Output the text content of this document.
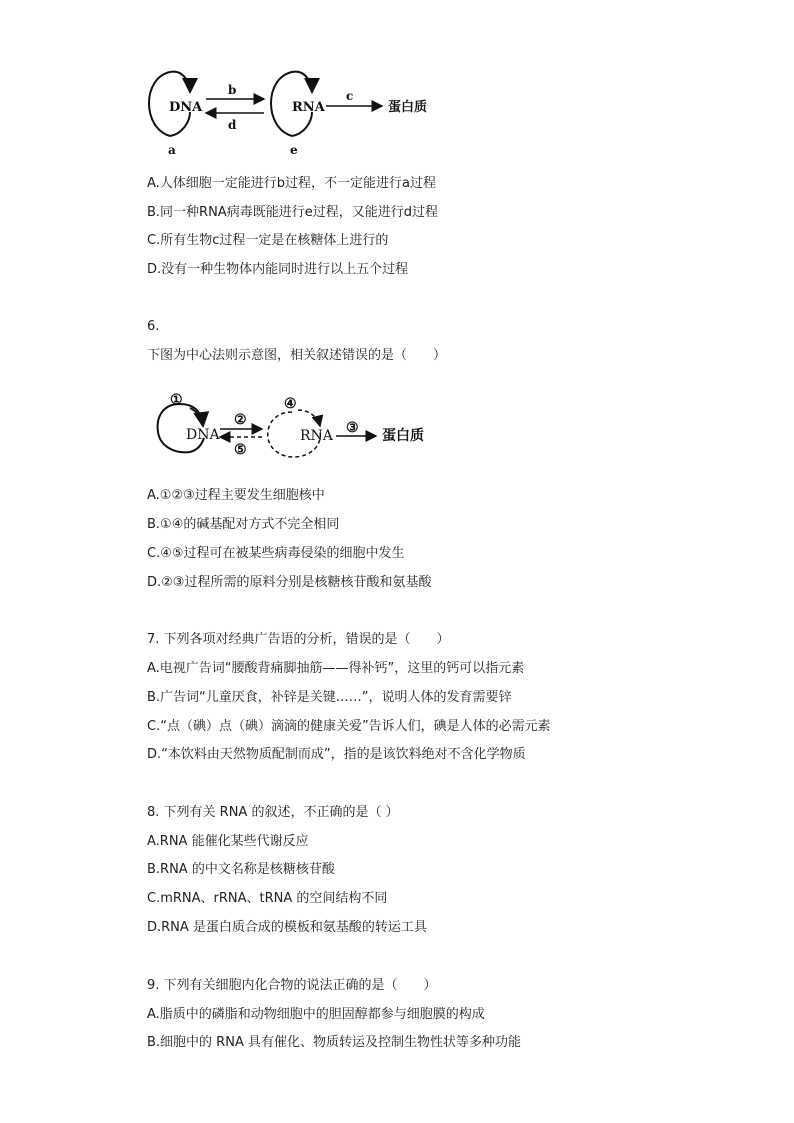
DNA
b
d
RNA
c
蛋白质
a	e
A.人体细胞一定能进行b过程，不一定能进行a过程
B.同一种RNA病毒既能进行e过程，又能进行d过程
C.所有生物c过程一定是在核糖体上进行的
D.没有一种生物体内能同时进行以上五个过程
6.
下图为中心法则示意图，相关叙述错误的是（　　）
①
DNA
②
⑤
④
RNA ③ 蛋白质
A.①②③过程主要发生细胞核中
B.①④的碱基配对方式不完全相同
C.④⑤过程可在被某些病毒侵染的细胞中发生
D.②③过程所需的原料分别是核糖核苷酸和氨基酸
7. 下列各项对经典广告语的分析，错误的是（　　）
A.电视广告词“腰酸背痛脚抽筋——得补钙”，这里的钙可以指元素
B.广告词“儿童厌食，补锌是关键……”，说明人体的发育需要锌
C.“点（碘）点（碘）滴滴的健康关爱”告诉人们，碘是人体的必需元素
D.“本饮料由天然物质配制而成”，指的是该饮料绝对不含化学物质
8. 下列有关 RNA 的叙述，不正确的是（ ）
A.RNA 能催化某些代谢反应
B.RNA 的中文名称是核糖核苷酸
C.mRNA、rRNA、tRNA 的空间结构不同
D.RNA 是蛋白质合成的模板和氨基酸的转运工具
9. 下列有关细胞内化合物的说法正确的是（　　）
A.脂质中的磷脂和动物细胞中的胆固醇都参与细胞膜的构成
B.细胞中的 RNA 具有催化、物质转运及控制生物性状等多种功能
